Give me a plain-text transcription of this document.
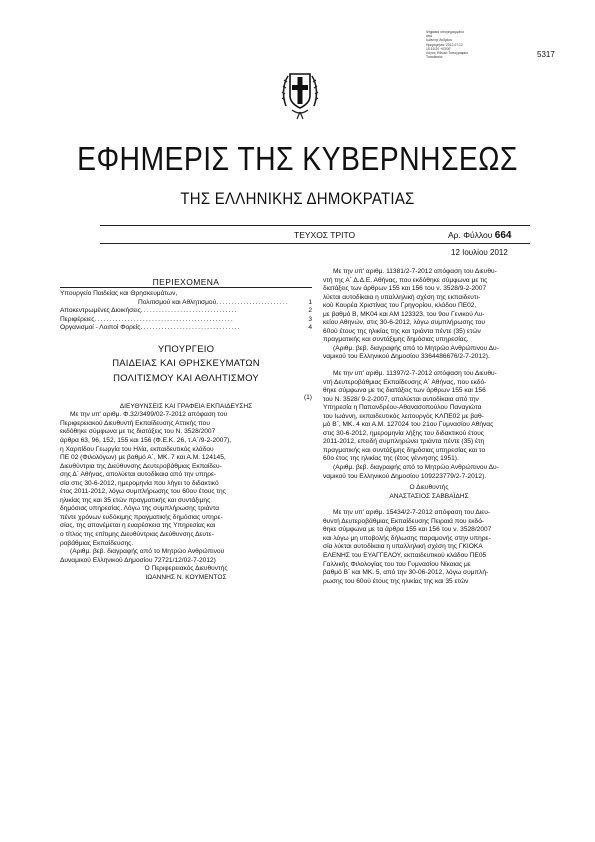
Ψηφιακά υπογεγραμμένο
από
Ιωάννης Ανδρέου
Ημερομηνία: 2012.07.12
10:15:20 +03'00'
Λόγος: Εθνικό Τυπογραφείο
Τοποθεσία:	5317
ΕΦΗΜΕΡΙΣ ΤΗΣ ΚΥΒΕΡΝΗΣΕΩΣ
ΤΗΣ ΕΛΛΗΝΙΚΗΣ ΔΗΜΟΚΡΑΤΙΑΣ
ΤΕΥΧΟΣ ΤΡΙΤΟ	Αρ. Φύλλου 664
12 Ιουλίου 2012
ΠΕΡΙΕΧΟΜΕΝΑ
Υπουργείο Παιδείας και Θρησκευμάτων,
Πολιτισμού και Αθλητισμού ........................	1
Αποκεντρωμένες Διοικήσεις ................................	2
Περιφέρειες ..............................................	3
Οργανισμοί - Λοιποί Φορείς .................................	4
ΥΠΟΥΡΓΕΙΟ
ΠΑΙΔΕΙΑΣ ΚΑΙ ΘΡΗΣΚΕΥΜΑΤΩΝ
ΠΟΛΙΤΙΣΜΟΥ ΚΑΙ ΑΘΛΗΤΙΣΜΟΥ
(1)
ΔΙΕΥΘΥΝΣΕΙΣ ΚΑΙ ΓΡΑΦΕΙΑ ΕΚΠΑΙΔΕΥΣΗΣ
Με την υπ' αριθμ. Φ.32/3499/02-7-2012 απόφαση του
Περιφερειακού Διευθυντή Εκπαίδευσης Αττικής που
εκδόθηκε σύμφωνα με τις διατάξεις του Ν. 3528/2007
άρθρα 63, 96, 152, 155 και 156 (Φ.Ε.Κ. 26, τ.Α΄/9-2-2007),
η Χαριτίδου Γεωργία του Ηλία, εκπαιδευτικός κλάδου
ΠΕ 02 (Φιλολόγων) με βαθμό Α΄, ΜΚ. 7 και Α.Μ. 124145,
Διευθύντρια της Διεύθυνσης Δευτεροβάθμιας Εκπαίδευ-
σης Δ΄ Αθήνας, απολύεται αυτοδίκαια από την υπηρε-
σία στις 30-6-2012, ημερομηνία που λήγει το διδακτικό
έτος 2011-2012, λόγω συμπλήρωσης του 60ου έτους της
ηλικίας της και 35 ετών πραγματικής και συντάξιμης
δημόσιας υπηρεσίας. Λόγω της συμπλήρωσης τριάντα
πέντε χρόνων ευδόκιμης πραγματικής δημόσιας υπηρε-
σίας, της απονέμεται η ευαρέσκεια της Υπηρεσίας και
ο τίτλος της επίτιμης Διευθύντριας Διεύθυνσης Δευτε-
ροβάθμιας Εκπαίδευσης.
(Αριθμ. βεβ. διαγραφής από το Μητρώο Ανθρώπινου
Δυναμικού Ελληνικού Δημοσίου 72721/12/02-7-2012)
Ο Περιφερειακός Διευθυντής
ΙΩΑΝΝΗΣ Ν. ΚΟΥΜΕΝΤΟΣ
Με την υπ' αριθμ. 11381/2-7-2012 απόφαση του Διευθυ-
ντή της Α΄ Δ.Δ.Ε. Αθήνας, που εκδόθηκε σύμφωνα με τις
διατάξεις των άρθρων 155 και 156 του ν. 3528/9-2-2007
λύεται αυτοδίκαια η υπαλληλική σχέση της εκπαιδευτι-
κού Κουρέα Χριστίνας του Γρηγορίου, κλάδου ΠΕ02,
με βαθμό Β, ΜΚ04 και ΑΜ 123323, του 9ου Γενικού Λυ-
κείου Αθηνών, στις 30-6-2012, λόγω συμπλήρωσης του
60ού έτους της ηλικίας της και τριάντα πέντε (35) ετών
πραγματικής και συντάξιμης δημόσιας υπηρεσίας.
(Αριθμ. βεβ. διαγραφής από το Μητρώο Ανθρώπινου Δυ-
ναμικού του Ελληνικού Δημοσίου 3364486676/2-7-2012).
Με την υπ' αριθμ. 11397/2-7-2012 απόφαση του Διευθυ-
ντή Δευτεροβάθμιας Εκπαίδευσης Α΄ Αθήνας, που εκδό-
θηκε σύμφωνα με τις διατάξεις των άρθρων 155 και 156
του Ν. 3528/ 9-2-2007, απολύεται αυτοδίκαια από την
Υπηρεσία η Παπανδρέου-Αθανασοπούλου Παναγιώτα
του Ιωάννη, εκπαιδευτικός λειτουργός ΚΛΠΕ02 με βαθ-
μό Β΄, ΜΚ. 4 και Α.Μ. 127024 του 21ου Γυμνασίου Αθήνας
στις 30-6-2012, ημερομηνία λήξης του διδακτικού έτους
2011-2012, επειδή συμπληρώνει τριάντα πέντε (35) έτη
πραγματικής και συντάξιμης δημόσιας υπηρεσίας και το
60ο έτος της ηλικίας της (έτος γέννησης 1951).
(Αριθμ. βεβ. διαγραφής από το Μητρώο Ανθρώπινου Δυ-
ναμικού του Ελληνικού Δημοσίου 109223779/2-7-2012).
Ο Διευθυντής
ΑΝΑΣΤΑΣΙΟΣ ΣΑΒΒΑΪΔΗΣ
Με την υπ' αριθμ. 15434/2-7-2012 απόφαση του Διευ-
θυντή Δευτεροβάθμιας Εκπαίδευσης Πειραιά που εκδό-
θηκε σύμφωνα με τα άρθρα 155 και 156 του ν. 3528/2007
και λόγω μη υποβολής δήλωσης παραμονής στην υπηρε-
σία λύεται αυτοδίκαια η υπαλληλική σχέση της ΓΚΙΟΚΑ
ΕΛΕΝΗΣ του ΕΥΑΓΓΕΛΟΥ, εκπαιδευτικού κλάδου ΠΕ05
Γαλλικής Φιλολογίας του του Γυμνασίου Νίκαιας με
βαθμό Β΄ και ΜΚ. 5, από την 30-06-2012, λόγω συμπλή-
ρωσης του 60ού έτους της ηλικίας της και 35 ετών
